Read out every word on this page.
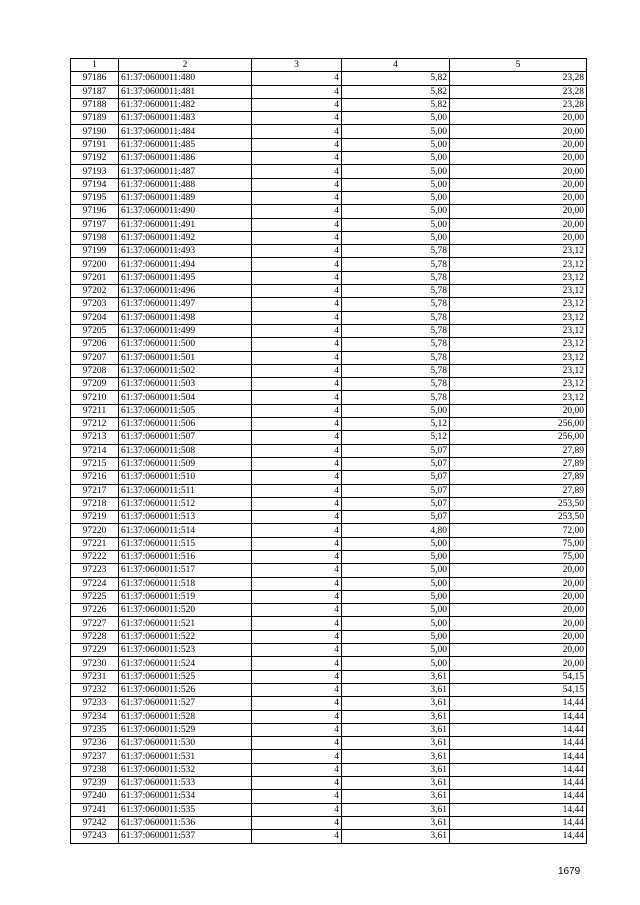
1	2	3	4	5
97186	61:37:0600011:480	4	5,82	23,28
97187	61:37:0600011:481	4	5,82	23,28
97188	61:37:0600011:482	4	5,82	23,28
97189	61:37:0600011:483	4	5,00	20,00
97190	61:37:0600011:484	4	5,00	20,00
97191	61:37:0600011:485	4	5,00	20,00
97192	61:37:0600011:486	4	5,00	20,00
97193	61:37:0600011:487	4	5,00	20,00
97194	61:37:0600011:488	4	5,00	20,00
97195	61:37:0600011:489	4	5,00	20,00
97196	61:37:0600011:490	4	5,00	20,00
97197	61:37:0600011:491	4	5,00	20,00
97198	61:37:0600011:492	4	5,00	20,00
97199	61:37:0600011:493	4	5,78	23,12
97200	61:37:0600011:494	4	5,78	23,12
97201	61:37:0600011:495	4	5,78	23,12
97202	61:37:0600011:496	4	5,78	23,12
97203	61:37:0600011:497	4	5,78	23,12
97204	61:37:0600011:498	4	5,78	23,12
97205	61:37:0600011:499	4	5,78	23,12
97206	61:37:0600011:500	4	5,78	23,12
97207	61:37:0600011:501	4	5,78	23,12
97208	61:37:0600011:502	4	5,78	23,12
97209	61:37:0600011:503	4	5,78	23,12
97210	61:37:0600011:504	4	5,78	23,12
97211	61:37:0600011:505	4	5,00	20,00
97212	61:37:0600011:506	4	5,12	256,00
97213	61:37:0600011:507	4	5,12	256,00
97214	61:37:0600011:508	4	5,07	27,89
97215	61:37:0600011:509	4	5,07	27,89
97216	61:37:0600011:510	4	5,07	27,89
97217	61:37:0600011:511	4	5,07	27,89
97218	61:37:0600011:512	4	5,07	253,50
97219	61:37:0600011:513	4	5,07	253,50
97220	61:37:0600011:514	4	4,80	72,00
97221	61:37:0600011:515	4	5,00	75,00
97222	61:37:0600011:516	4	5,00	75,00
97223	61:37:0600011:517	4	5,00	20,00
97224	61:37:0600011:518	4	5,00	20,00
97225	61:37:0600011:519	4	5,00	20,00
97226	61:37:0600011:520	4	5,00	20,00
97227	61:37:0600011:521	4	5,00	20,00
97228	61:37:0600011:522	4	5,00	20,00
97229	61:37:0600011:523	4	5,00	20,00
97230	61:37:0600011:524	4	5,00	20,00
97231	61:37:0600011:525	4	3,61	54,15
97232	61:37:0600011:526	4	3,61	54,15
97233	61:37:0600011:527	4	3,61	14,44
97234	61:37:0600011:528	4	3,61	14,44
97235	61:37:0600011:529	4	3,61	14,44
97236	61:37:0600011:530	4	3,61	14,44
97237	61:37:0600011:531	4	3,61	14,44
97238	61:37:0600011:532	4	3,61	14,44
97239	61:37:0600011:533	4	3,61	14,44
97240	61:37:0600011:534	4	3,61	14,44
97241	61:37:0600011:535	4	3,61	14,44
97242	61:37:0600011:536	4	3,61	14,44
97243	61:37:0600011:537	4	3,61	14,44
1679
